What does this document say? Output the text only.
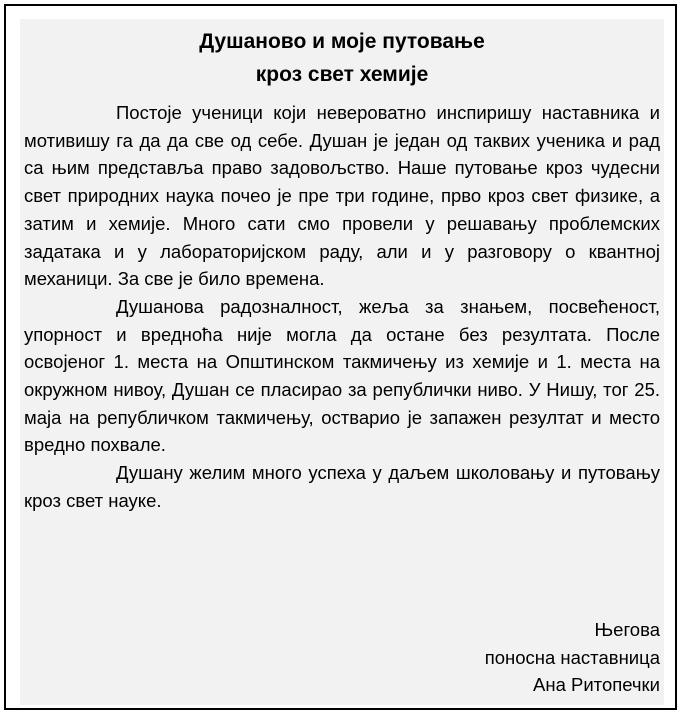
Душаново и моје путовање
кроз свет хемије

Постоје ученици који невероватно инспиришу наставника и мотивишу га да да све од себе. Душан је један од таквих ученика и рад са њим представља право задовољство. Наше путовање кроз чудесни свет природних наука почео је пре три године, прво кроз свет физике, а затим и хемије. Много сати смо провели у решавању проблемских задатака и у лабораторијском раду, али и у разговору о квантној механици. За све је било времена.

Душанова радозналност, жеља за знањем, посвећеност, упорност и вредноћа није могла да остане без резултата. После освојеног 1. места на Општинском такмичењу из хемије и 1. места на окружном нивоу, Душан се пласирао за републички ниво. У Нишу, тог 25. маја на републичком такмичењу, остварио је запажен резултат и место вредно похвале.

Душану желим много успеха у даљем школовању и путовању кроз свет науке.

Његова
поносна наставница
Ана Ритопечки
